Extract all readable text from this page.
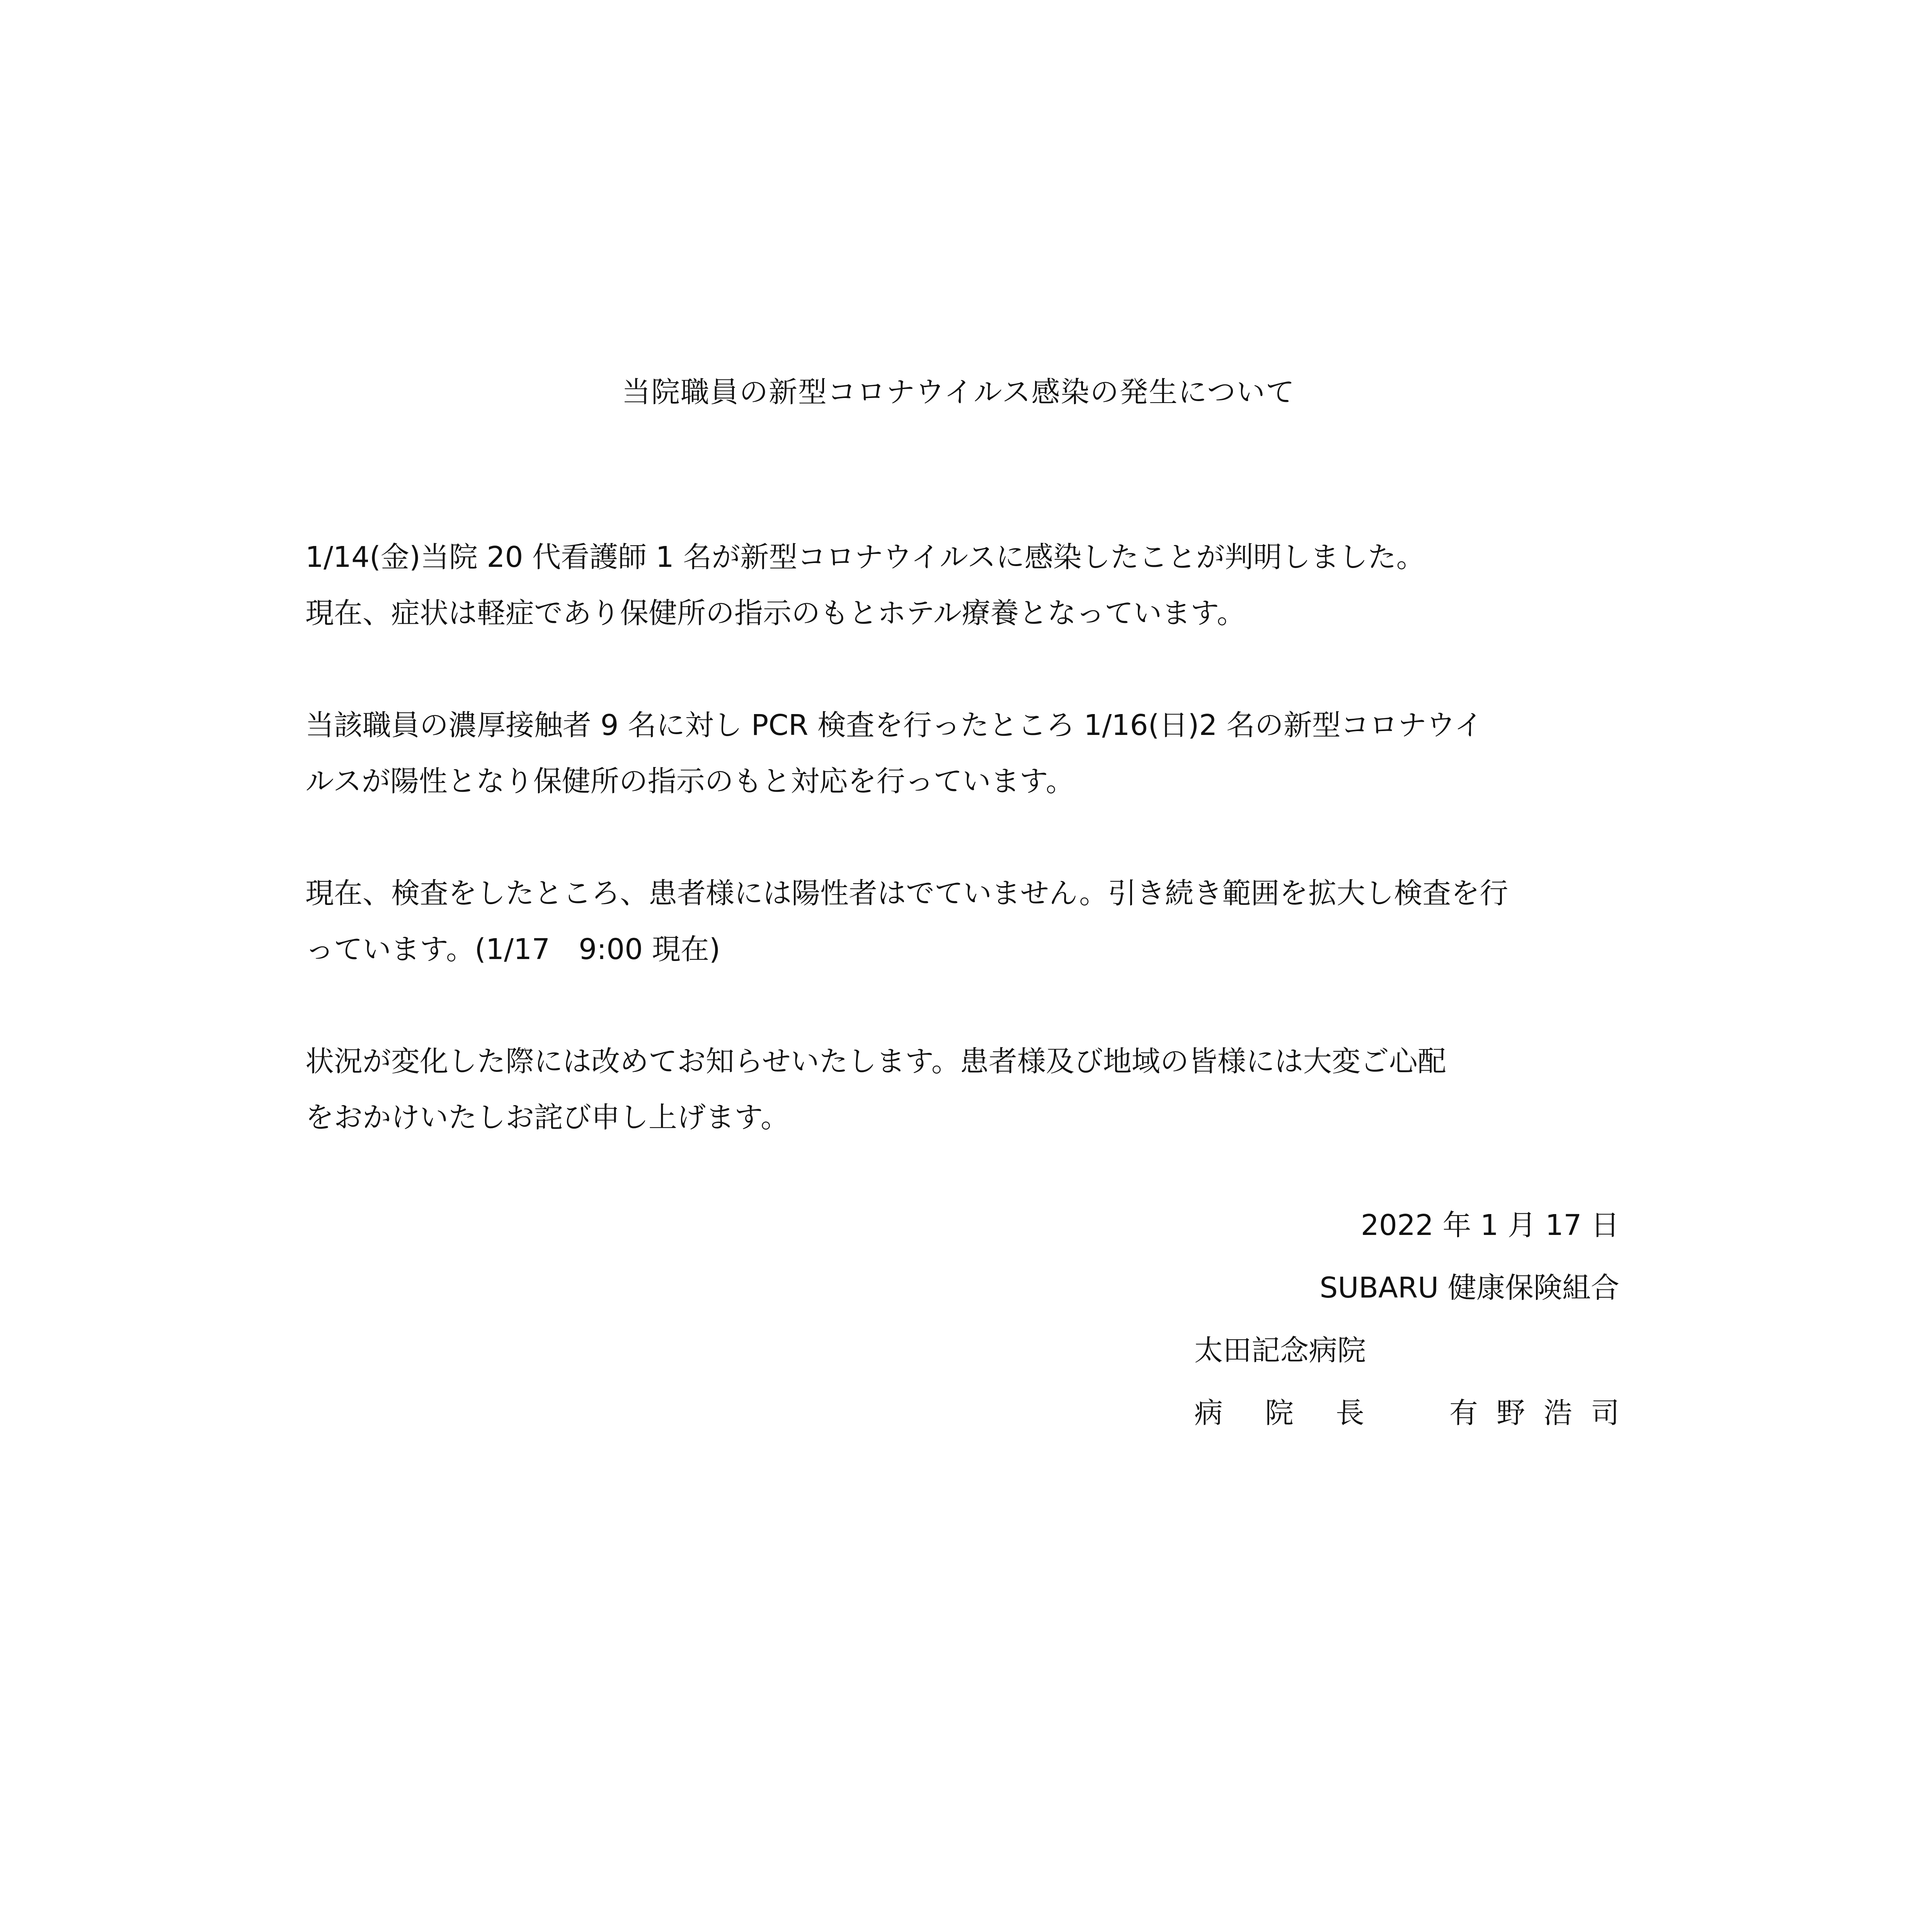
当院職員の新型コロナウイルス感染の発生について

1/14(金)当院 20 代看護師 1 名が新型コロナウイルスに感染したことが判明しました。
現在、症状は軽症であり保健所の指示のもとホテル療養となっています。

当該職員の濃厚接触者 9 名に対し PCR 検査を行ったところ 1/16(日)2 名の新型コロナウイ
ルスが陽性となり保健所の指示のもと対応を行っています。

現在、検査をしたところ、患者様には陽性者はでていません。引き続き範囲を拡大し検査を行
っています。(1/17　9:00 現在)

状況が変化した際には改めてお知らせいたします。患者様及び地域の皆様には大変ご心配
をおかけいたしお詫び申し上げます。

2022 年 1 月 17 日
SUBARU 健康保険組合
太田記念病院
病 院 長	有 野 浩 司
